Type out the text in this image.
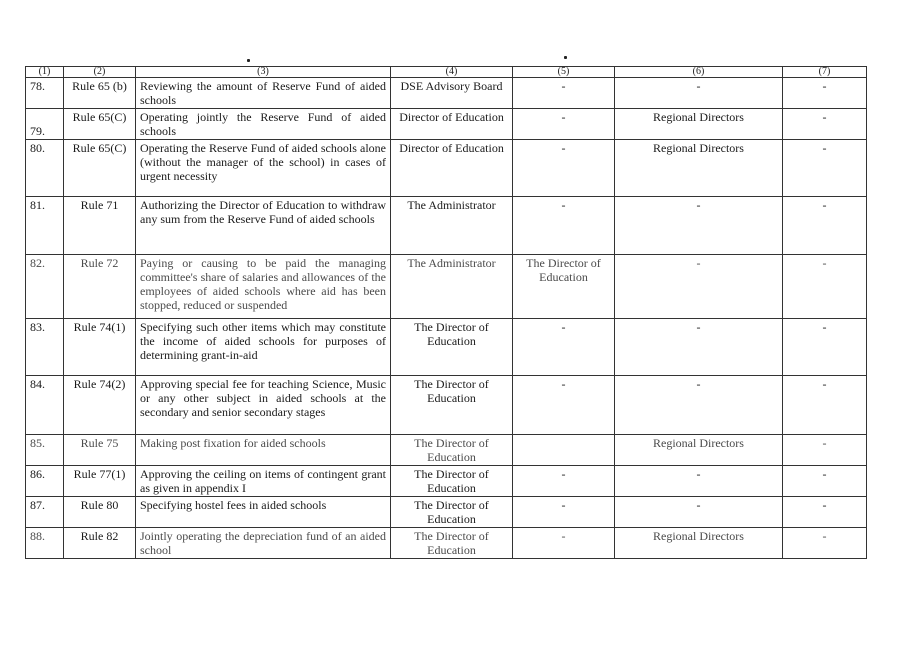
(1)	(2)	(3)	(4)	(5)	(6)	(7)
78.	Rule 65 (b)	Reviewing the amount of Reserve Fund of aided schools	DSE Advisory Board	-	-	-
79.	Rule 65(C)	Operating jointly the Reserve Fund of aided schools	Director of Education	-	Regional Directors	-
80.	Rule 65(C)	Operating the Reserve Fund of aided schools alone (without the manager of the school) in cases of urgent necessity	Director of Education	-	Regional Directors	-
81.	Rule 71	Authorizing the Director of Education to withdraw any sum from the Reserve Fund of aided schools	The Administrator	-	-	-
82.	Rule 72	Paying or causing to be paid the managing committee's share of salaries and allowances of the employees of aided schools where aid has been stopped, reduced or suspended	The Administrator	The Director of Education	-	-
83.	Rule 74(1)	Specifying such other items which may constitute the income of aided schools for purposes of determining grant-in-aid	The Director of Education	-	-	-
84.	Rule 74(2)	Approving special fee for teaching Science, Music or any other subject in aided schools at the secondary and senior secondary stages	The Director of Education	-	-	-
85.	Rule 75	Making post fixation for aided schools	The Director of Education		Regional Directors	-
86.	Rule 77(1)	Approving the ceiling on items of contingent grant as given in appendix I	The Director of Education	-	-	-
87.	Rule 80	Specifying hostel fees in aided schools	The Director of Education	-	-	-
88.	Rule 82	Jointly operating the depreciation fund of an aided school	The Director of Education	-	Regional Directors	-
